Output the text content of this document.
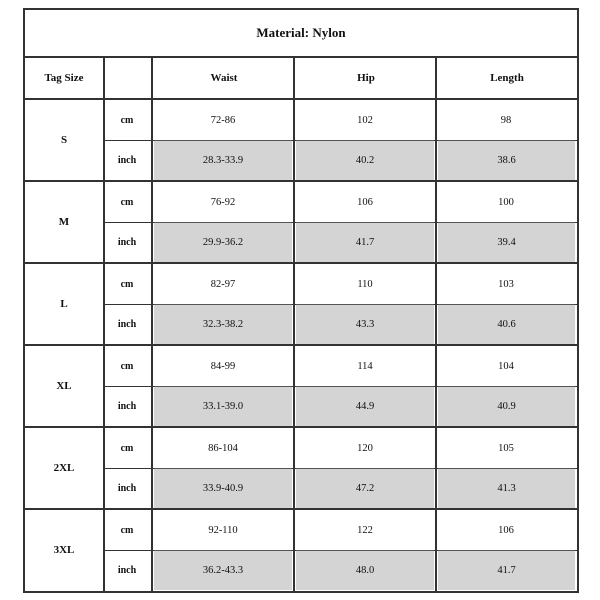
Material: Nylon
Tag Size	Waist	Hip	Length
S
cm	72-86	102	98
inch	28.3-33.9	40.2	38.6
M
cm	76-92	106	100
inch	29.9-36.2	41.7	39.4
L
cm	82-97	110	103
inch	32.3-38.2	43.3	40.6
XL
cm	84-99	114	104
inch	33.1-39.0	44.9	40.9
2XL
cm	86-104	120	105
inch	33.9-40.9	47.2	41.3
3XL
cm	92-110	122	106
inch	36.2-43.3	48.0	41.7
